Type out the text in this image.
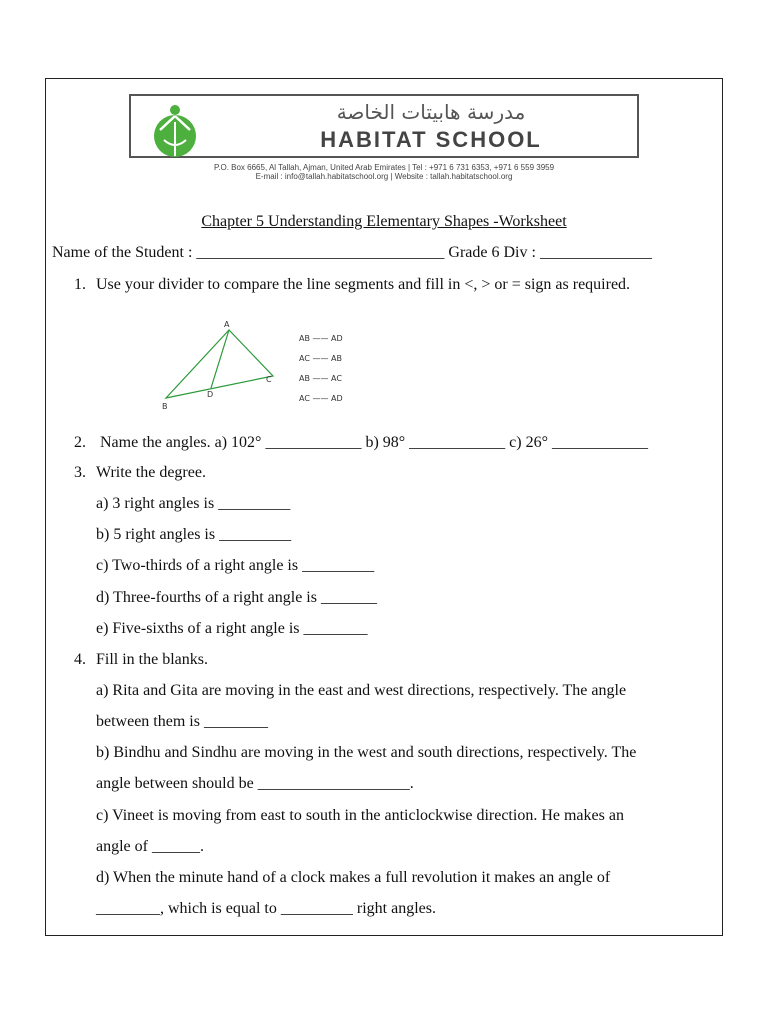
مدرسة هابيتات الخاصة
HABITAT SCHOOL
P.O. Box 6665, Al Tallah, Ajman, United Arab Emirates | Tel : +971 6 731 6353, +971 6 559 3959
E-mail : info@tallah.habitatschool.org | Website : tallah.habitatschool.org
Chapter 5 Understanding Elementary Shapes -Worksheet
Name of the Student : _______________________________ Grade 6 Div : ______________
1. Use your divider to compare the line segments and fill in <, > or = sign as required.
A
B
C
D
AB —— AD
AC —— AB
AB —— AC
AC —— AD
2. Name the angles. a) 102° ____________ b) 98° ____________ c) 26° ____________
3. Write the degree.
a) 3 right angles is _________
b) 5 right angles is _________
c) Two-thirds of a right angle is _________
d) Three-fourths of a right angle is _______
e) Five-sixths of a right angle is ________
4. Fill in the blanks.
a) Rita and Gita are moving in the east and west directions, respectively. The angle
between them is ________
b) Bindhu and Sindhu are moving in the west and south directions, respectively. The
angle between should be ___________________.
c) Vineet is moving from east to south in the anticlockwise direction. He makes an
angle of ______.
d) When the minute hand of a clock makes a full revolution it makes an angle of
________, which is equal to _________ right angles.
